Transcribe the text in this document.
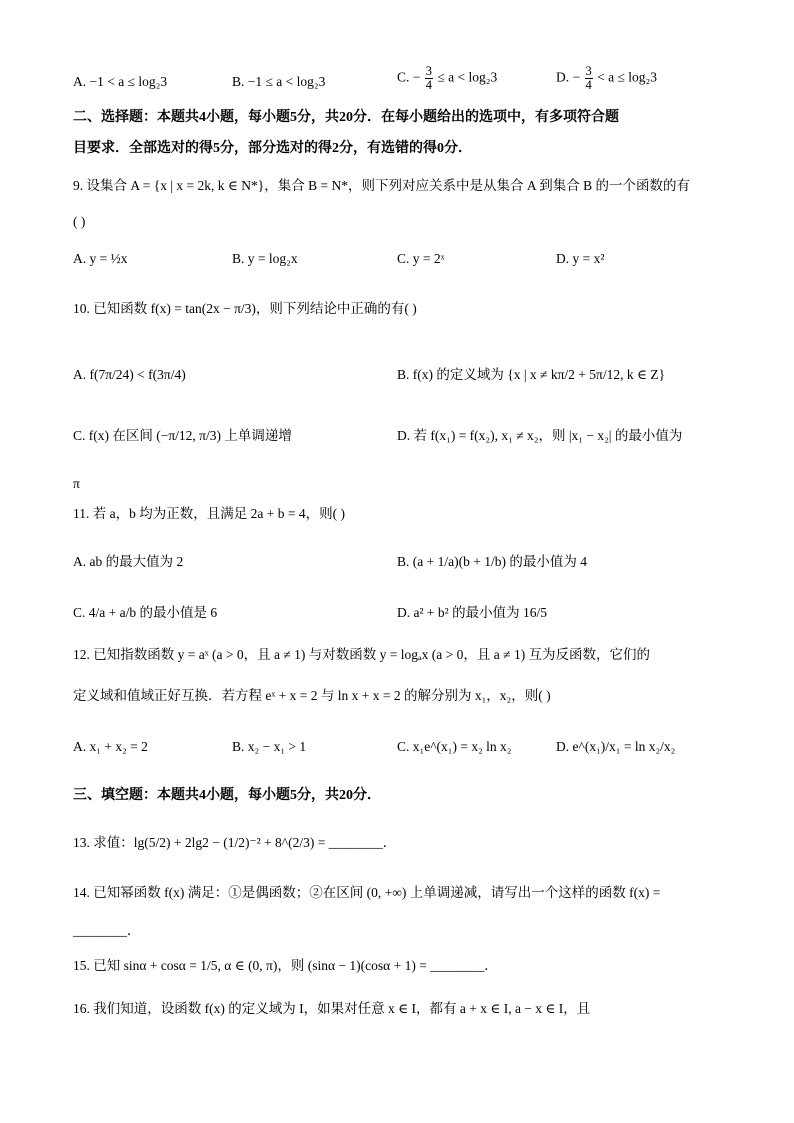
A. −1 < a ≤ log₂3	B. −1 ≤ a < log₂3	C. − $\frac{3}{4} \le a < \log_23$	D. − $\frac{3}{4} < a \le \log_23$
二、选择题：本题共4小题，每小题5分，共20分．在每小题给出的选项中，有多项符合题
目要求．全部选对的得5分，部分选对的得2分，有选错的得0分．
9. 设集合 A = {x | x = 2k, k ∈ N*}，集合 B = N*，则下列对应关系中是从集合 A 到集合 B 的一个函数的有
( )
A. y = ½x	B. y = log₂x	C. y = 2ˣ	D. y = x²
10. 已知函数 f(x) = tan(2x − π/3)，则下列结论中正确的有( )
A. f(7π/24) < f(3π/4)	B. f(x) 的定义域为 {x | x ≠ kπ/2 + 5π/12, k ∈ Z}
C. f(x) 在区间 (−π/12, π/3) 上单调递增	D. 若 f(x₁) = f(x₂), x₁ ≠ x₂，则 |x₁ − x₂| 的最小值为
π
11. 若 a，b 均为正数，且满足 2a + b = 4，则( )
A. ab 的最大值为 2	B. (a + 1/a)(b + 1/b) 的最小值为 4
C. 4/a + a/b 的最小值是 6	D. a² + b² 的最小值为 16/5
12. 已知指数函数 y = aˣ (a > 0，且 a ≠ 1) 与对数函数 y = logₐx (a > 0，且 a ≠ 1) 互为反函数，它们的
定义域和值域正好互换．若方程 eˣ + x = 2 与 ln x + x = 2 的解分别为 x₁，x₂，则( )
A. x₁ + x₂ = 2	B. x₂ − x₁ > 1	C. x₁e^(x₁) = x₂ ln x₂	D. e^(x₁)/x₁ = ln x₂/x₂
三、填空题：本题共4小题，每小题5分，共20分．
13. 求值：lg(5/2) + 2lg2 − (1/2)⁻² + 8^(2/3) = ________．
14. 已知幂函数 f(x) 满足：①是偶函数；②在区间 (0, +∞) 上单调递减，请写出一个这样的函数 f(x) =
________．
15. 已知 sinα + cosα = 1/5, α ∈ (0, π)，则 (sinα − 1)(cosα + 1) = ________．
16. 我们知道，设函数 f(x) 的定义域为 I，如果对任意 x ∈ I，都有 a + x ∈ I, a − x ∈ I，且
